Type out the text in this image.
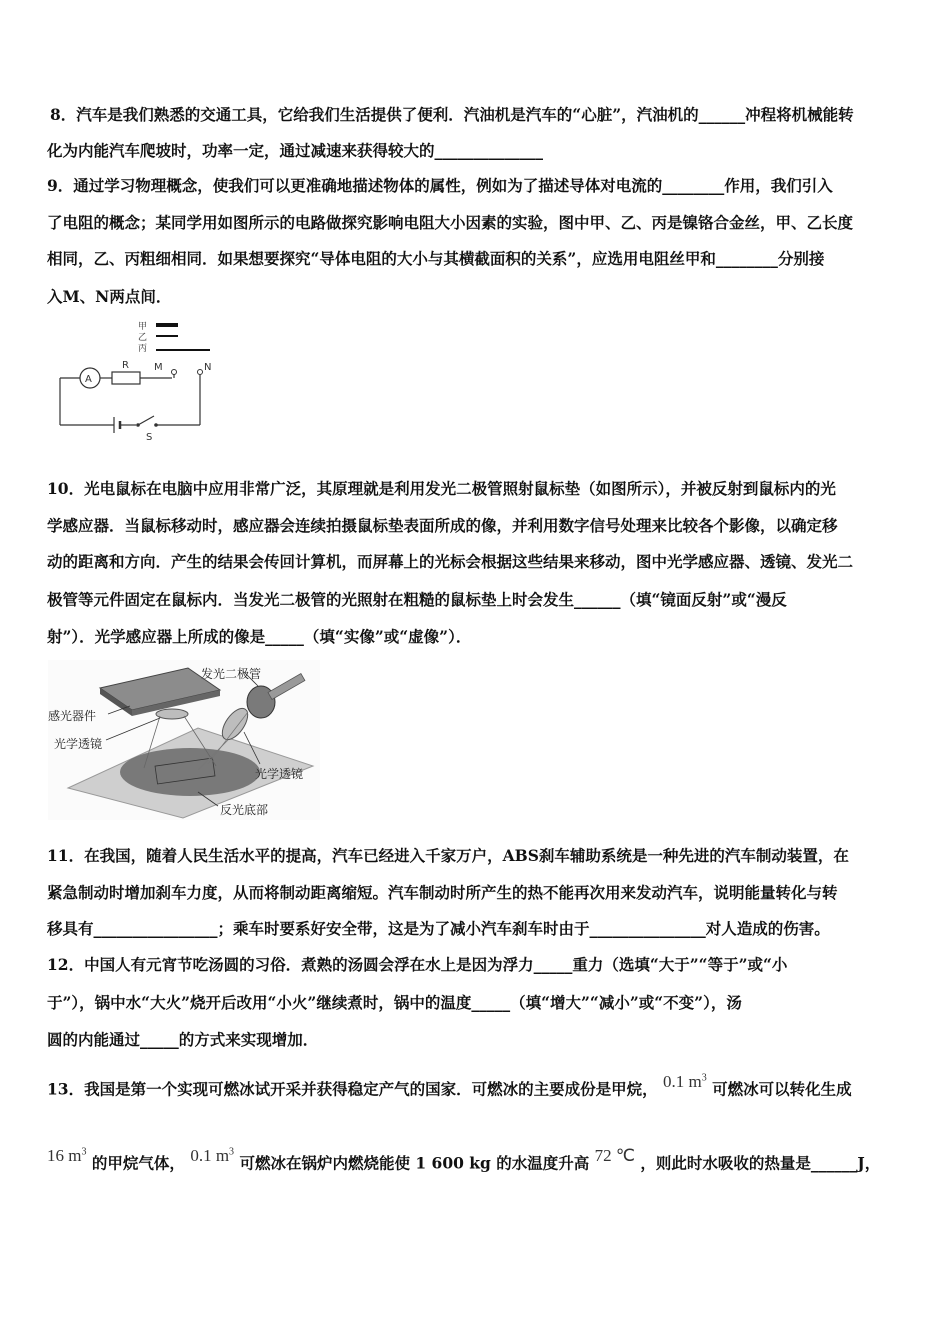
8．汽车是我们熟悉的交通工具，它给我们生活提供了便利．汽油机是汽车的“心脏”，汽油机的______冲程将机械能转
化为内能汽车爬坡时，功率一定，通过减速来获得较大的______________
9．通过学习物理概念，使我们可以更准确地描述物体的属性，例如为了描述导体对电流的________作用，我们引入
了电阻的概念；某同学用如图所示的电路做探究影响电阻大小因素的实验，图中甲、乙、丙是镍铬合金丝，甲、乙长度
相同，乙、丙粗细相同．如果想要探究“导体电阻的大小与其横截面积的关系”，应选用电阻丝甲和________分别接
入M、N两点间．
甲
乙
丙
A
R	M	N
S
10．光电鼠标在电脑中应用非常广泛，其原理就是利用发光二极管照射鼠标垫（如图所示），并被反射到鼠标内的光
学感应器．当鼠标移动时，感应器会连续拍摄鼠标垫表面所成的像，并利用数字信号处理来比较各个影像，以确定移
动的距离和方向．产生的结果会传回计算机，而屏幕上的光标会根据这些结果来移动，图中光学感应器、透镜、发光二
极管等元件固定在鼠标内．当发光二极管的光照射在粗糙的鼠标垫上时会发生______（填“镜面反射”或“漫反
射”）．光学感应器上所成的像是_____（填“实像”或“虚像”）．
发光二极管
感光器件
光学透镜
光学透镜
反光底部
11．在我国，随着人民生活水平的提高，汽车已经进入千家万户，ABS刹车辅助系统是一种先进的汽车制动装置，在
紧急制动时增加刹车力度，从而将制动距离缩短。汽车制动时所产生的热不能再次用来发动汽车，说明能量转化与转
移具有________________；乘车时要系好安全带，这是为了减小汽车刹车时由于_______________对人造成的伤害。
12．中国人有元宵节吃汤圆的习俗．煮熟的汤圆会浮在水上是因为浮力_____重力（选填“大于”“等于”或“小
于”），锅中水“大火”烧开后改用“小火”继续煮时，锅中的温度_____（填“增大”“减小”或“不变”），汤
圆的内能通过_____的方式来实现增加．
13．我国是第一个实现可燃冰试开采并获得稳定产气的国家．可燃冰的主要成份是甲烷， 0.1 $m^3$ 可燃冰可以转化生成
16 $m^3$ 的甲烷气体， 0.1 $m^3$ 可燃冰在锅炉内燃烧能使 1 600 kg 的水温度升高 72 ℃ ，则此时水吸收的热量是______J，
